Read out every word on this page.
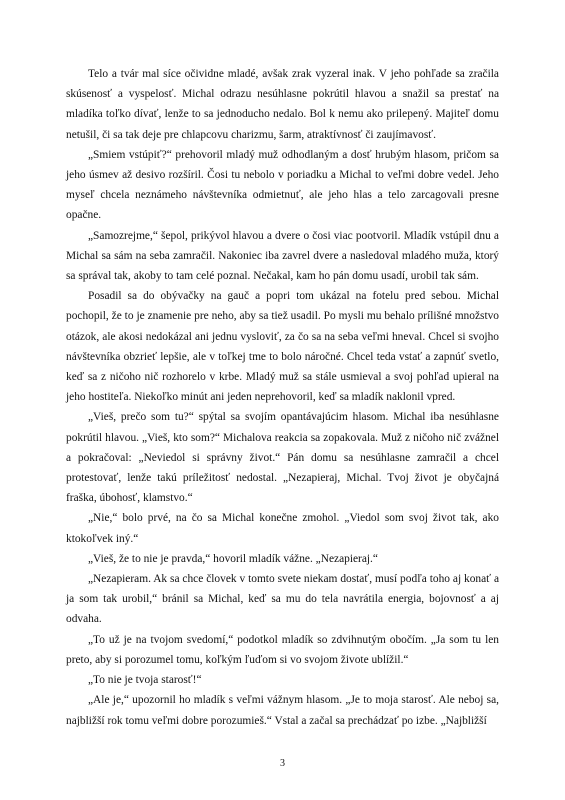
Telo a tvár mal síce očividne mladé, avšak zrak vyzeral inak. V jeho pohľade sa zračila skúsenosť a vyspelosť. Michal odrazu nesúhlasne pokrútil hlavou a snažil sa prestať na mladíka toľko dívať, lenže to sa jednoducho nedalo. Bol k nemu ako prilepený. Majiteľ domu netušil, či sa tak deje pre chlapcovu charizmu, šarm, atraktívnosť či zaujímavosť.

„Smiem vstúpiť?“ prehovoril mladý muž odhodlaným a dosť hrubým hlasom, pričom sa jeho úsmev až desivo rozšíril. Čosi tu nebolo v poriadku a Michal to veľmi dobre vedel. Jeho myseľ chcela neznámeho návštevníka odmietnuť, ale jeho hlas a telo zarcagovali presne opačne.

„Samozrejme,“ šepol, prikývol hlavou a dvere o čosi viac pootvoril. Mladík vstúpil dnu a Michal sa sám na seba zamračil. Nakoniec iba zavrel dvere a nasledoval mladého muža, ktorý sa správal tak, akoby to tam celé poznal. Nečakal, kam ho pán domu usadí, urobil tak sám.

Posadil sa do obývačky na gauč a popri tom ukázal na fotelu pred sebou. Michal pochopil, že to je znamenie pre neho, aby sa tiež usadil. Po mysli mu behalo prílišné množstvo otázok, ale akosi nedokázal ani jednu vysloviť, za čo sa na seba veľmi hneval. Chcel si svojho návštevníka obzrieť lepšie, ale v toľkej tme to bolo náročné. Chcel teda vstať a zapnúť svetlo, keď sa z ničoho nič rozhorelo v krbe. Mladý muž sa stále usmieval a svoj pohľad upieral na jeho hostiteľa. Niekoľko minút ani jeden neprehovoril, keď sa mladík naklonil vpred.

„Vieš, prečo som tu?“ spýtal sa svojím opantávajúcim hlasom. Michal iba nesúhlasne pokrútil hlavou. „Vieš, kto som?“ Michalova reakcia sa zopakovala. Muž z ničoho nič zvážnel a pokračoval: „Neviedol si správny život.“ Pán domu sa nesúhlasne zamračil a chcel protestovať, lenže takú príležitosť nedostal. „Nezapieraj, Michal. Tvoj život je obyčajná fraška, úbohosť, klamstvo.“

„Nie,“ bolo prvé, na čo sa Michal konečne zmohol. „Viedol som svoj život tak, ako ktokoľvek iný.“

„Vieš, že to nie je pravda,“ hovoril mladík vážne. „Nezapieraj.“

„Nezapieram. Ak sa chce človek v tomto svete niekam dostať, musí podľa toho aj konať a ja som tak urobil,“ bránil sa Michal, keď sa mu do tela navrátila energia, bojovnosť a aj odvaha.

„To už je na tvojom svedomí,“ podotkol mladík so zdvihnutým obočím. „Ja som tu len preto, aby si porozumel tomu, koľkým ľuďom si vo svojom živote ublížil.“

„To nie je tvoja starosť!“

„Ale je,“ upozornil ho mladík s veľmi vážnym hlasom. „Je to moja starosť. Ale neboj sa, najbližší rok tomu veľmi dobre porozumieš.“ Vstal a začal sa prechádzať po izbe. „Najbližší

3
